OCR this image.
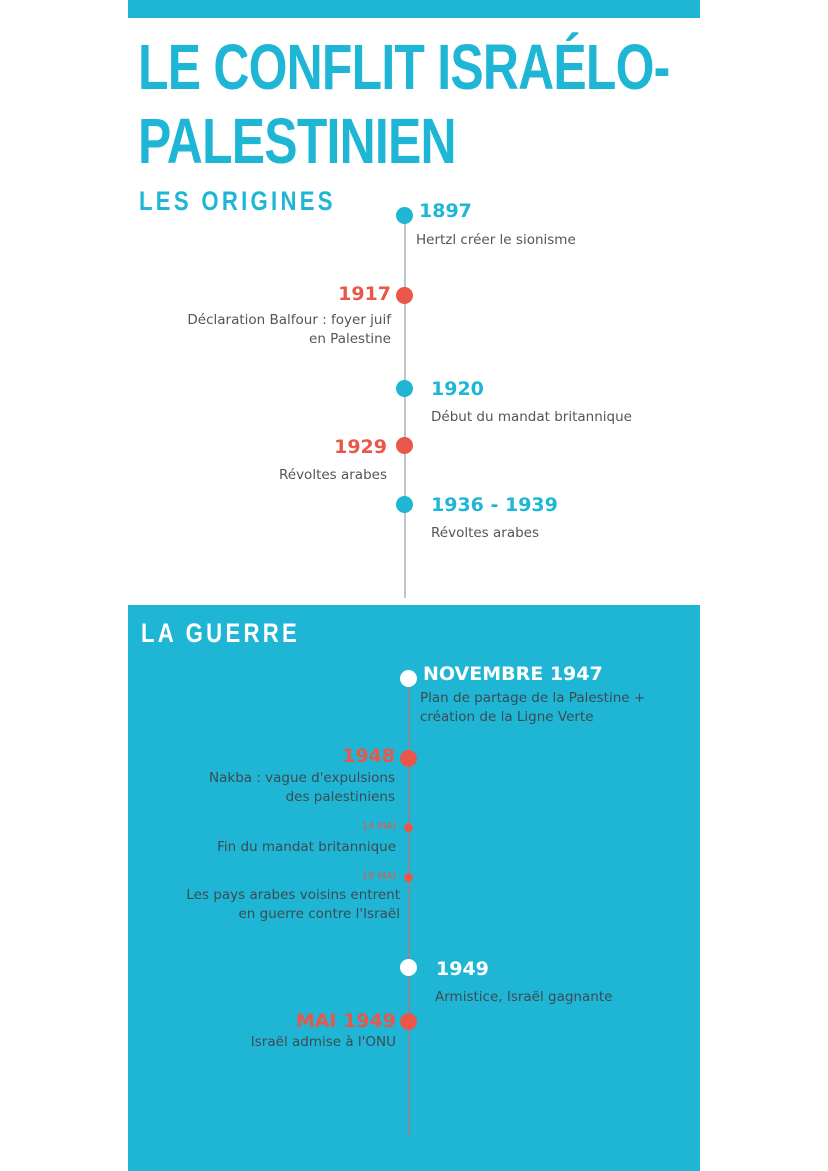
LE CONFLIT ISRAÉLO-
PALESTINIEN
LES ORIGINES	1897
Hertzl créer le sionisme
1917
Déclaration Balfour : foyer juif en Palestine
1920
Début du mandat britannique
1929
Révoltes arabes
1936 - 1939
Révoltes arabes
LA GUERRE
NOVEMBRE 1947
Plan de partage de la Palestine + création de la Ligne Verte
1948
Nakba : vague d'expulsions des palestiniens
14 MAI
Fin du mandat britannique
15 MAI
Les pays arabes voisins entrent en guerre contre l'Israël
1949
Armistice, Israël gagnante
MAI 1949
Israël admise à l'ONU
